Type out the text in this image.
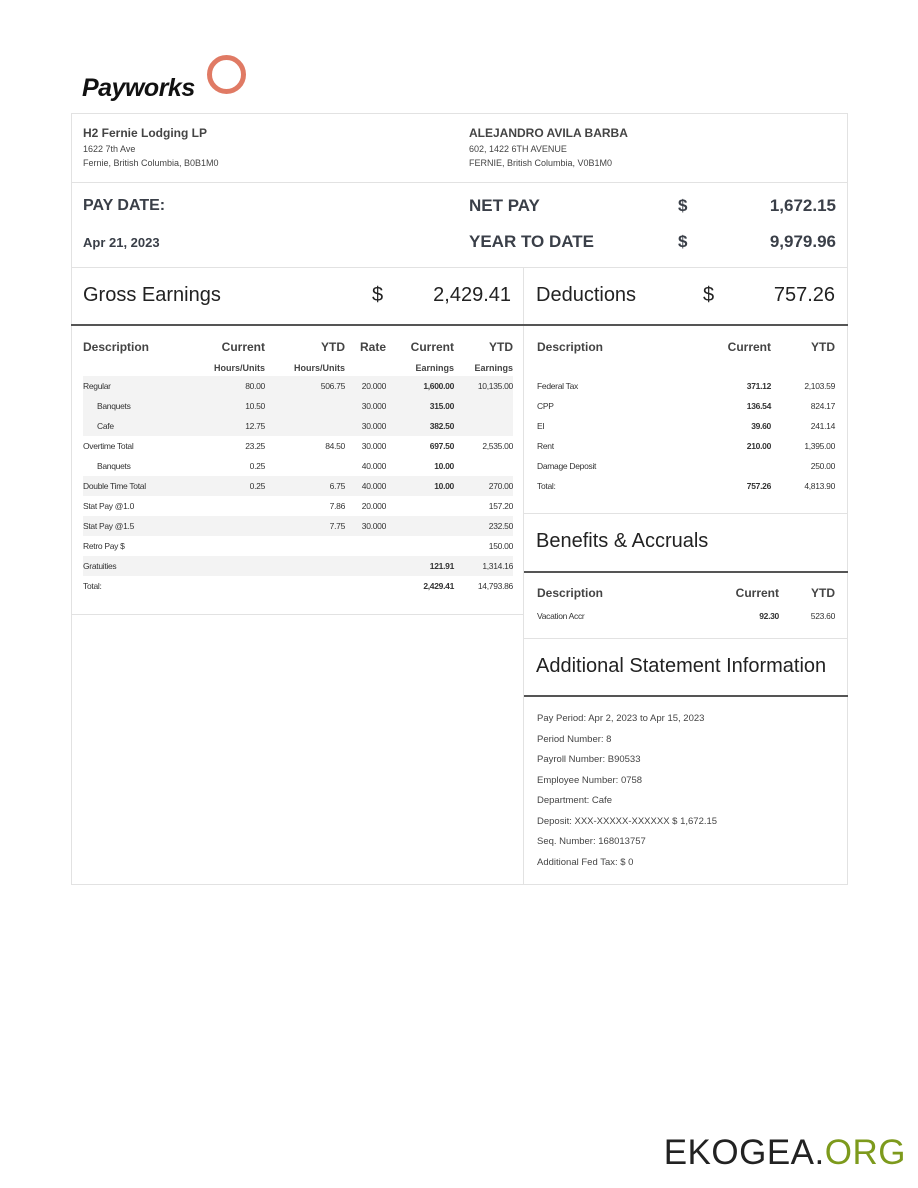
Payworks
H2 Fernie Lodging LP
1622 7th Ave
Fernie, British Columbia, B0B1M0
ALEJANDRO AVILA BARBA
602, 1422 6TH AVENUE
FERNIE, British Columbia, V0B1M0
PAY DATE:
Apr 21, 2023
NET PAY	$	1,672.15
YEAR TO DATE	$	9,979.96
Gross Earnings	$	2,429.41
Description	Current	YTD	Rate	Current	YTD
	Hours/Units	Hours/Units		Earnings	Earnings
Regular	80.00	506.75	20.000	1,600.00	10,135.00
Banquets	10.50		30.000	315.00	
Cafe	12.75		30.000	382.50	
Overtime Total	23.25	84.50	30.000	697.50	2,535.00
Banquets	0.25		40.000	10.00	
Double Time Total	0.25	6.75	40.000	10.00	270.00
Stat Pay @1.0		7.86	20.000		157.20
Stat Pay @1.5		7.75	30.000		232.50
Retro Pay $					150.00
Gratuities				121.91	1,314.16
Total:				2,429.41	14,793.86
Deductions	$	757.26
Description	Current	YTD

Federal Tax	371.12	2,103.59
CPP	136.54	824.17
EI	39.60	241.14
Rent	210.00	1,395.00
Damage Deposit		250.00
Total:	757.26	4,813.90
Benefits & Accruals
Description	Current	YTD
Vacation Accr	92.30	523.60
Additional Statement Information
Pay Period: Apr 2, 2023 to Apr 15, 2023
Period Number: 8
Payroll Number: B90533
Employee Number: 0758
Department: Cafe
Deposit: XXX-XXXXX-XXXXXX $ 1,672.15
Seq. Number: 168013757
Additional Fed Tax: $ 0
EKOGEA.ORG
